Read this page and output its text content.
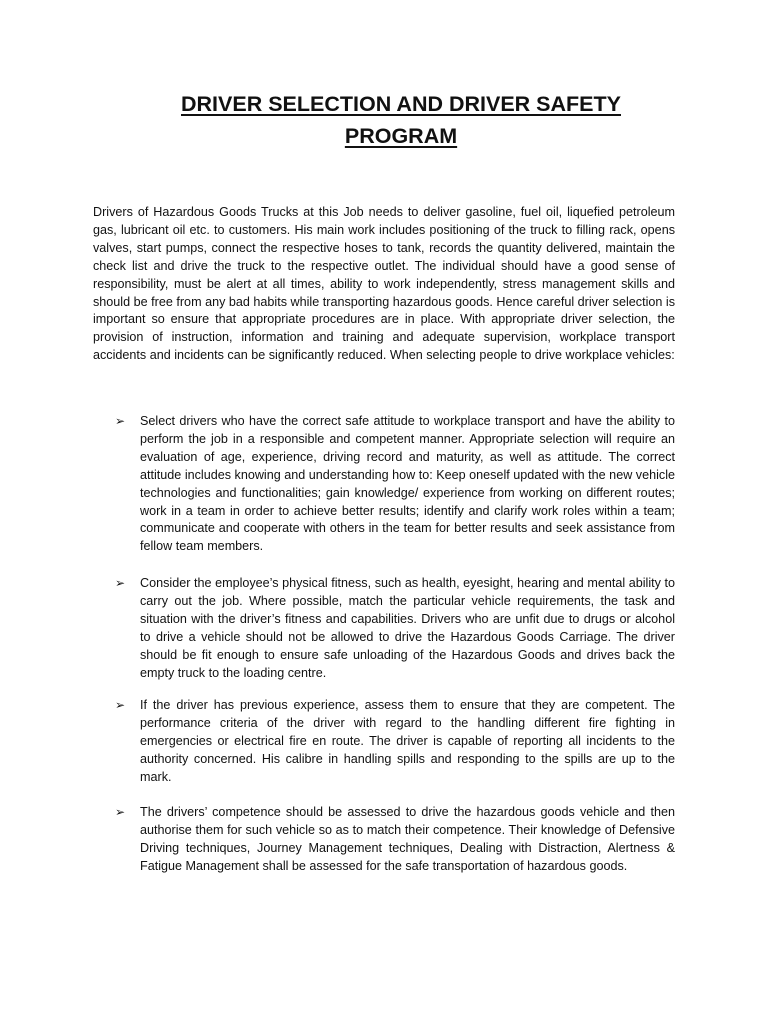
DRIVER SELECTION AND DRIVER SAFETY
PROGRAM

Drivers of Hazardous Goods Trucks at this Job needs to deliver gasoline, fuel oil, liquefied petroleum gas, lubricant oil etc. to customers. His main work includes positioning of the truck to filling rack, opens valves, start pumps, connect the respective hoses to tank, records the quantity delivered, maintain the check list and drive the truck to the respective outlet. The individual should have a good sense of responsibility, must be alert at all times, ability to work independently, stress management skills and should be free from any bad habits while transporting hazardous goods. Hence careful driver selection is important so ensure that appropriate procedures are in place. With appropriate driver selection, the provision of instruction, information and training and adequate supervision, workplace transport accidents and incidents can be significantly reduced. When selecting people to drive workplace vehicles:

➢ Select drivers who have the correct safe attitude to workplace transport and have the ability to perform the job in a responsible and competent manner. Appropriate selection will require an evaluation of age, experience, driving record and maturity, as well as attitude. The correct attitude includes knowing and understanding how to: Keep oneself updated with the new vehicle technologies and functionalities; gain knowledge/ experience from working on different routes; work in a team in order to achieve better results; identify and clarify work roles within a team; communicate and cooperate with others in the team for better results and seek assistance from fellow team members.
➢ Consider the employee’s physical fitness, such as health, eyesight, hearing and mental ability to carry out the job. Where possible, match the particular vehicle requirements, the task and situation with the driver’s fitness and capabilities. Drivers who are unfit due to drugs or alcohol to drive a vehicle should not be allowed to drive the Hazardous Goods Carriage. The driver should be fit enough to ensure safe unloading of the Hazardous Goods and drives back the empty truck to the loading centre.
➢ If the driver has previous experience, assess them to ensure that they are competent. The performance criteria of the driver with regard to the handling different fire fighting in emergencies or electrical fire en route. The driver is capable of reporting all incidents to the authority concerned. His calibre in handling spills and responding to the spills are up to the mark.
➢ The drivers’ competence should be assessed to drive the hazardous goods vehicle and then authorise them for such vehicle so as to match their competence. Their knowledge of Defensive Driving techniques, Journey Management techniques, Dealing with Distraction, Alertness & Fatigue Management shall be assessed for the safe transportation of hazardous goods.
